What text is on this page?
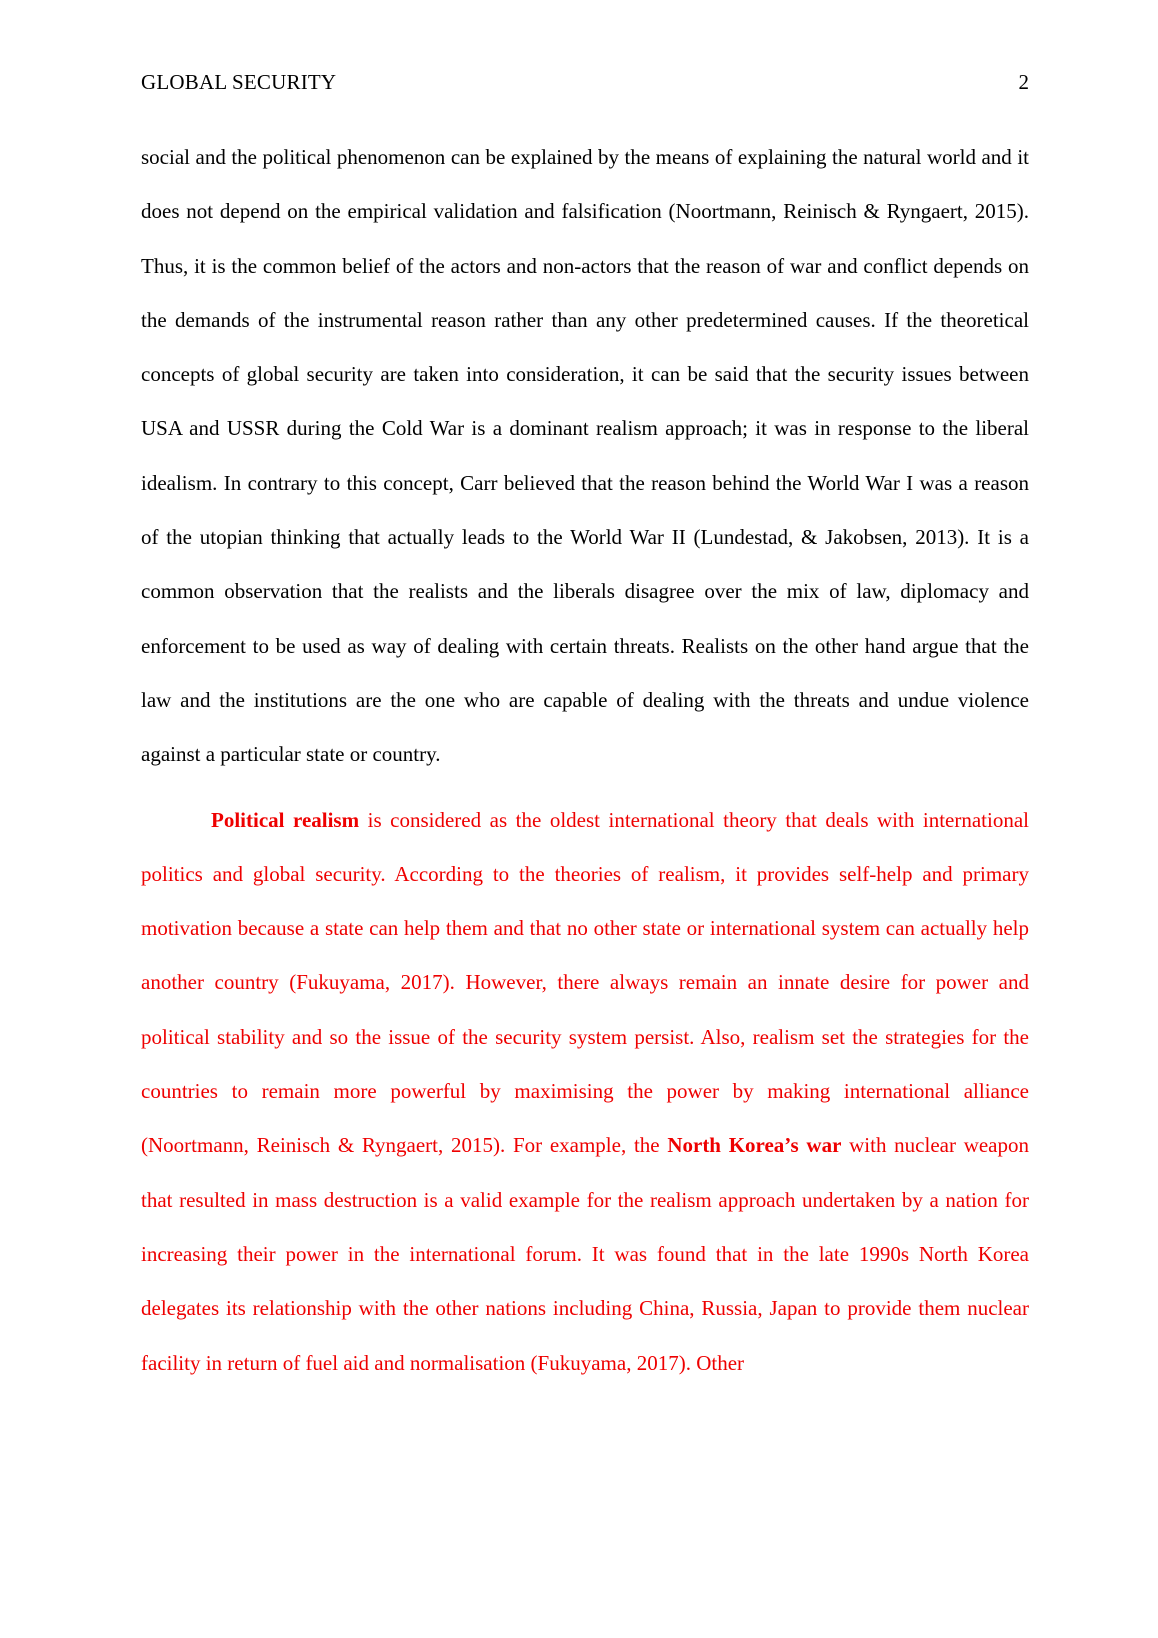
GLOBAL SECURITY	2

social and the political phenomenon can be explained by the means of explaining the natural world and it does not depend on the empirical validation and falsification (Noortmann, Reinisch & Ryngaert, 2015). Thus, it is the common belief of the actors and non-actors that the reason of war and conflict depends on the demands of the instrumental reason rather than any other predetermined causes. If the theoretical concepts of global security are taken into consideration, it can be said that the security issues between USA and USSR during the Cold War is a dominant realism approach; it was in response to the liberal idealism. In contrary to this concept, Carr believed that the reason behind the World War I was a reason of the utopian thinking that actually leads to the World War II (Lundestad, & Jakobsen, 2013). It is a common observation that the realists and the liberals disagree over the mix of law, diplomacy and enforcement to be used as way of dealing with certain threats. Realists on the other hand argue that the law and the institutions are the one who are capable of dealing with the threats and undue violence against a particular state or country.

Political realism is considered as the oldest international theory that deals with international politics and global security. According to the theories of realism, it provides self-help and primary motivation because a state can help them and that no other state or international system can actually help another country (Fukuyama, 2017). However, there always remain an innate desire for power and political stability and so the issue of the security system persist. Also, realism set the strategies for the countries to remain more powerful by maximising the power by making international alliance (Noortmann, Reinisch & Ryngaert, 2015). For example, the North Korea’s war with nuclear weapon that resulted in mass destruction is a valid example for the realism approach undertaken by a nation for increasing their power in the international forum. It was found that in the late 1990s North Korea delegates its relationship with the other nations including China, Russia, Japan to provide them nuclear facility in return of fuel aid and normalisation (Fukuyama, 2017). Other
